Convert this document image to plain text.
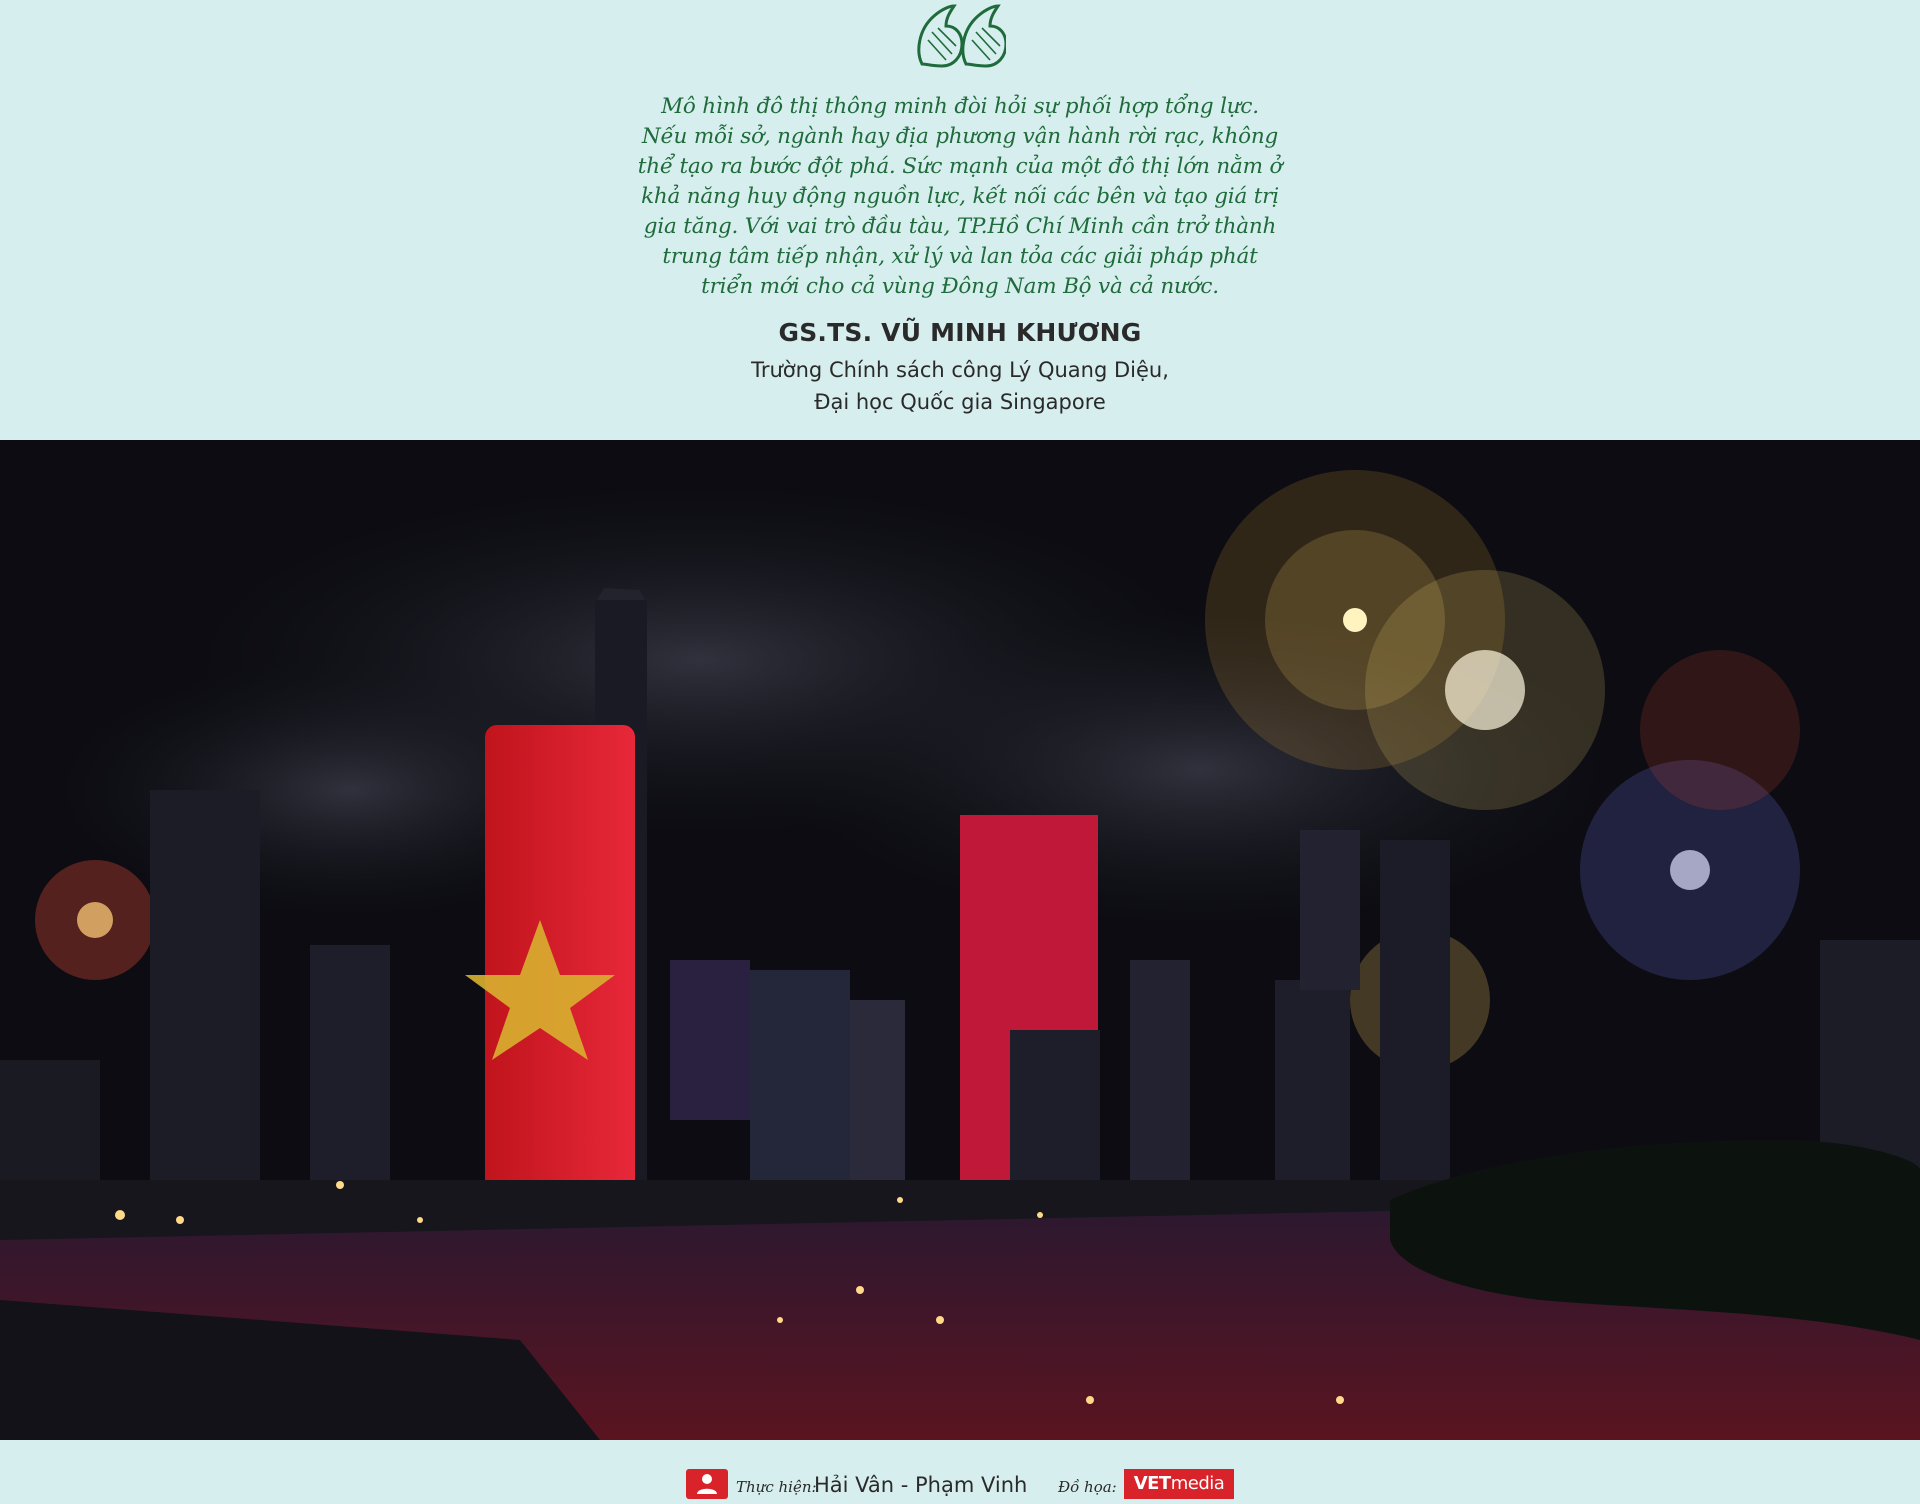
Mô hình đô thị thông minh đòi hỏi sự phối hợp tổng lực. Nếu mỗi sở, ngành hay địa phương vận hành rời rạc, không thể tạo ra bước đột phá. Sức mạnh của một đô thị lớn nằm ở khả năng huy động nguồn lực, kết nối các bên và tạo giá trị gia tăng. Với vai trò đầu tàu, TP.Hồ Chí Minh cần trở thành trung tâm tiếp nhận, xử lý và lan tỏa các giải pháp phát triển mới cho cả vùng Đông Nam Bộ và cả nước.

GS.TS. VŨ MINH KHƯƠNG
Trường Chính sách công Lý Quang Diệu,
Đại học Quốc gia Singapore
Thực hiện:
Hải Vân - Phạm Vinh Đồ họa: VETmedia
